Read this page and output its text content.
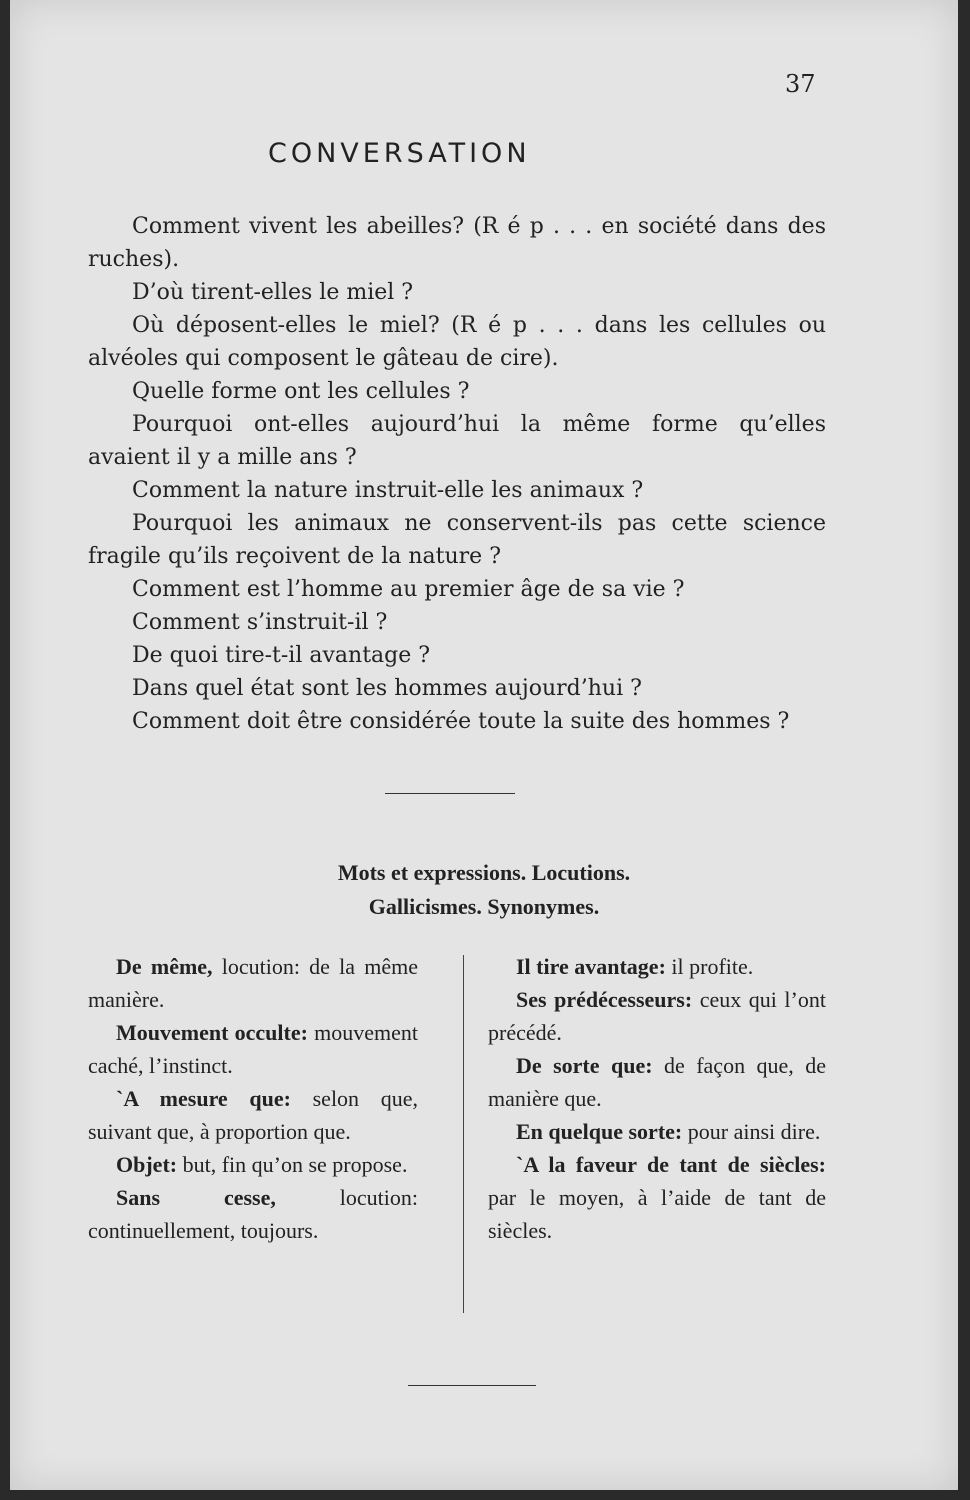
37
CONVERSATION

Comment vivent les abeilles? (R é p . . . en société dans des ruches).

D’où tirent-elles le miel ?

Où déposent-elles le miel? (R é p . . . dans les cellules ou alvéoles qui composent le gâteau de cire).

Quelle forme ont les cellules ?

Pourquoi ont-elles aujourd’hui la même forme qu’elles avaient il y a mille ans ?

Comment la nature instruit-elle les animaux ?

Pourquoi les animaux ne conservent-ils pas cette science fragile qu’ils reçoivent de la nature ?

Comment est l’homme au premier âge de sa vie ?

Comment s’instruit-il ?

De quoi tire-t-il avantage ?

Dans quel état sont les hommes aujourd’hui ?

Comment doit être considérée toute la suite des hommes ?

Mots et expressions. Locutions.
Gallicismes. Synonymes.

De même, locution: de la même manière.

Mouvement occulte: mouvement caché, l’instinct.

`A mesure que: selon que, suivant que, à proportion que.

Objet: but, fin qu’on se propose.

Sans cesse, locution: continuellement, toujours.

Il tire avantage: il profite.

Ses prédécesseurs: ceux qui l’ont précédé.

De sorte que: de façon que, de manière que.

En quelque sorte: pour ainsi dire.

`A la faveur de tant de siècles: par le moyen, à l’aide de tant de siècles.
